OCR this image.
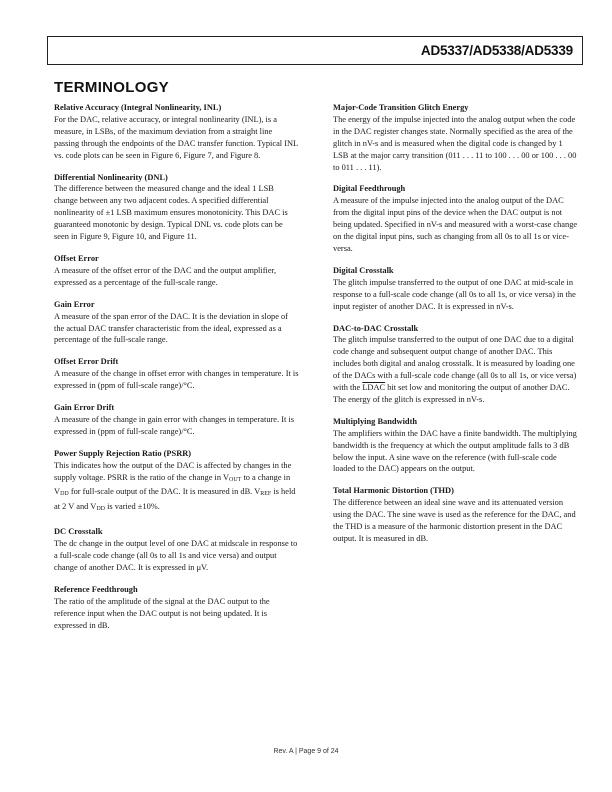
AD5337/AD5338/AD5339
TERMINOLOGY

Relative Accuracy (Integral Nonlinearity, INL)

For the DAC, relative accuracy, or integral nonlinearity (INL), is a measure, in LSBs, of the maximum deviation from a straight line passing through the endpoints of the DAC transfer function. Typical INL vs. code plots can be seen in Figure 6, Figure 7, and Figure 8.

Differential Nonlinearity (DNL)

The difference between the measured change and the ideal 1 LSB change between any two adjacent codes. A specified differential nonlinearity of ±1 LSB maximum ensures monotonicity. This DAC is guaranteed monotonic by design. Typical DNL vs. code plots can be seen in Figure 9, Figure 10, and Figure 11.

Offset Error

A measure of the offset error of the DAC and the output amplifier, expressed as a percentage of the full-scale range.

Gain Error

A measure of the span error of the DAC. It is the deviation in slope of the actual DAC transfer characteristic from the ideal, expressed as a percentage of the full-scale range.

Offset Error Drift

A measure of the change in offset error with changes in temperature. It is expressed in (ppm of full-scale range)/°C.

Gain Error Drift

A measure of the change in gain error with changes in temperature. It is expressed in (ppm of full-scale range)/°C.

Power Supply Rejection Ratio (PSRR)

This indicates how the output of the DAC is affected by changes in the supply voltage. PSRR is the ratio of the change in VOUT to a change in VDD for full-scale output of the DAC. It is measured in dB. VREF is held at 2 V and VDD is varied ±10%.

DC Crosstalk

The dc change in the output level of one DAC at midscale in response to a full-scale code change (all 0s to all 1s and vice versa) and output change of another DAC. It is expressed in μV.

Reference Feedthrough

The ratio of the amplitude of the signal at the DAC output to the reference input when the DAC output is not being updated. It is expressed in dB.

Major-Code Transition Glitch Energy

The energy of the impulse injected into the analog output when the code in the DAC register changes state. Normally specified as the area of the glitch in nV-s and is measured when the digital code is changed by 1 LSB at the major carry transition (011 . . . 11 to 100 . . . 00 or 100 . . . 00 to 011 . . . 11).

Digital Feedthrough

A measure of the impulse injected into the analog output of the DAC from the digital input pins of the device when the DAC output is not being updated. Specified in nV-s and measured with a worst-case change on the digital input pins, such as changing from all 0s to all 1s or vice-versa.

Digital Crosstalk

The glitch impulse transferred to the output of one DAC at mid-scale in response to a full-scale code change (all 0s to all 1s, or vice versa) in the input register of another DAC. It is expressed in nV-s.

DAC-to-DAC Crosstalk

The glitch impulse transferred to the output of one DAC due to a digital code change and subsequent output change of another DAC. This includes both digital and analog crosstalk. It is measured by loading one of the DACs with a full-scale code change (all 0s to all 1s, or vice versa) with the LDAC bit set low and monitoring the output of another DAC. The energy of the glitch is expressed in nV-s.

Multiplying Bandwidth

The amplifiers within the DAC have a finite bandwidth. The multiplying bandwidth is the frequency at which the output amplitude falls to 3 dB below the input. A sine wave on the reference (with full-scale code loaded to the DAC) appears on the output.

Total Harmonic Distortion (THD)

The difference between an ideal sine wave and its attenuated version using the DAC. The sine wave is used as the reference for the DAC, and the THD is a measure of the harmonic distortion present in the DAC output. It is measured in dB.

Rev. A | Page 9 of 24
